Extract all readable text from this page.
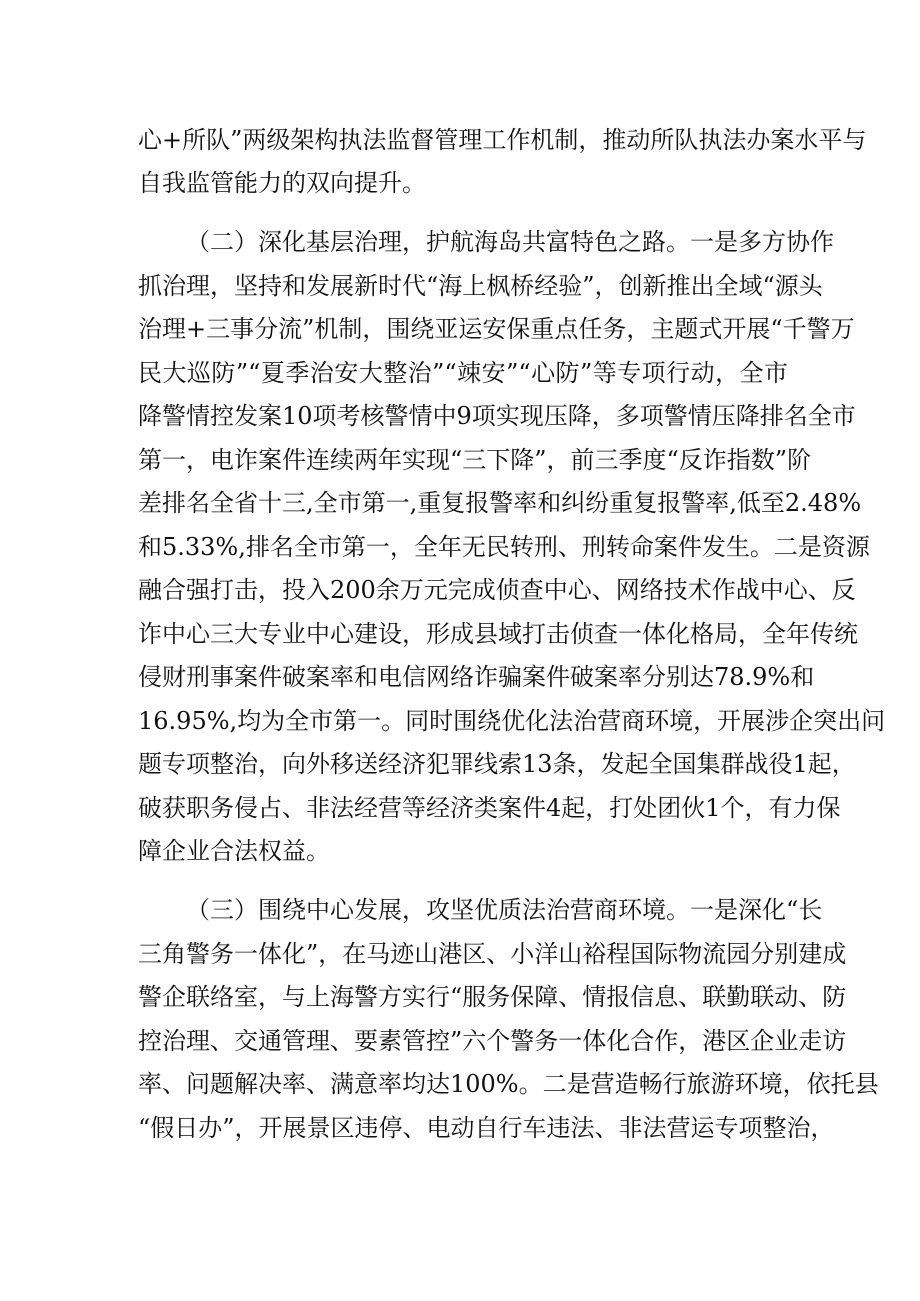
心+所队”两级架构执法监督管理工作机制，推动所队执法办案水平与
自我监管能力的双向提升。
（二）深化基层治理，护航海岛共富特色之路。一是多方协作
抓治理，坚持和发展新时代“海上枫桥经验”，创新推出全域“源头
治理+三事分流”机制，围绕亚运安保重点任务，主题式开展“千警万
民大巡防”“夏季治安大整治”“竦安”“心防”等专项行动，全市
降警情控发案10项考核警情中9项实现压降，多项警情压降排名全市
第一，电诈案件连续两年实现“三下降”，前三季度“反诈指数”阶
差排名全省十三,全市第一,重复报警率和纠纷重复报警率,低至2.48%
和5.33%,排名全市第一，全年无民转刑、刑转命案件发生。二是资源
融合强打击，投入200余万元完成侦查中心、网络技术作战中心、反
诈中心三大专业中心建设，形成县域打击侦查一体化格局，全年传统
侵财刑事案件破案率和电信网络诈骗案件破案率分别达78.9%和
16.95%,均为全市第一。同时围绕优化法治营商环境，开展涉企突出问
题专项整治，向外移送经济犯罪线索13条，发起全国集群战役1起，
破获职务侵占、非法经营等经济类案件4起，打处团伙1个，有力保
障企业合法权益。
（三）围绕中心发展，攻坚优质法治营商环境。一是深化“长
三角警务一体化”，在马迹山港区、小洋山裕程国际物流园分别建成
警企联络室，与上海警方实行“服务保障、情报信息、联勤联动、防
控治理、交通管理、要素管控”六个警务一体化合作，港区企业走访
率、问题解决率、满意率均达100%。二是营造畅行旅游环境，依托县
“假日办”，开展景区违停、电动自行车违法、非法营运专项整治，
